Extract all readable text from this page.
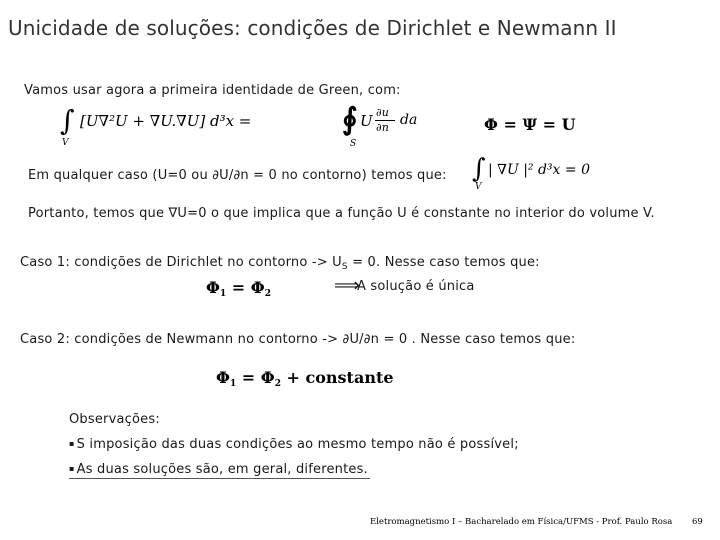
Unicidade de soluções: condições de Dirichlet e Newmann II
Vamos usar agora a primeira identidade de Green, com:
∫
V
[U∇²U + ∇U.∇U] d³x =	∮ U ∂u
∂n da
S
Φ = Ψ = U
Em qualquer caso (U=0 ou ∂U/∂n = 0 no contorno) temos que: ∫
V
| ∇U |² d³x = 0
Portanto, temos que ∇U=0 o que implica que a função U é constante no interior do volume V.
Caso 1: condições de Dirichlet no contorno -> $U_S = 0$. Nesse caso temos que:
$\Phi_1 = \Phi_2$	⟹
A solução é única
Caso 2: condições de Newmann no contorno -> ∂U/∂n = 0 . Nesse caso temos que:
$\Phi_1 = \Phi_2$ + constante
Observações:
▪ S imposição das duas condições ao mesmo tempo não é possível;
▪ As duas soluções são, em geral, diferentes.
Eletromagnetismo I – Bacharelado em Física/UFMS - Prof. Paulo Rosa 69
